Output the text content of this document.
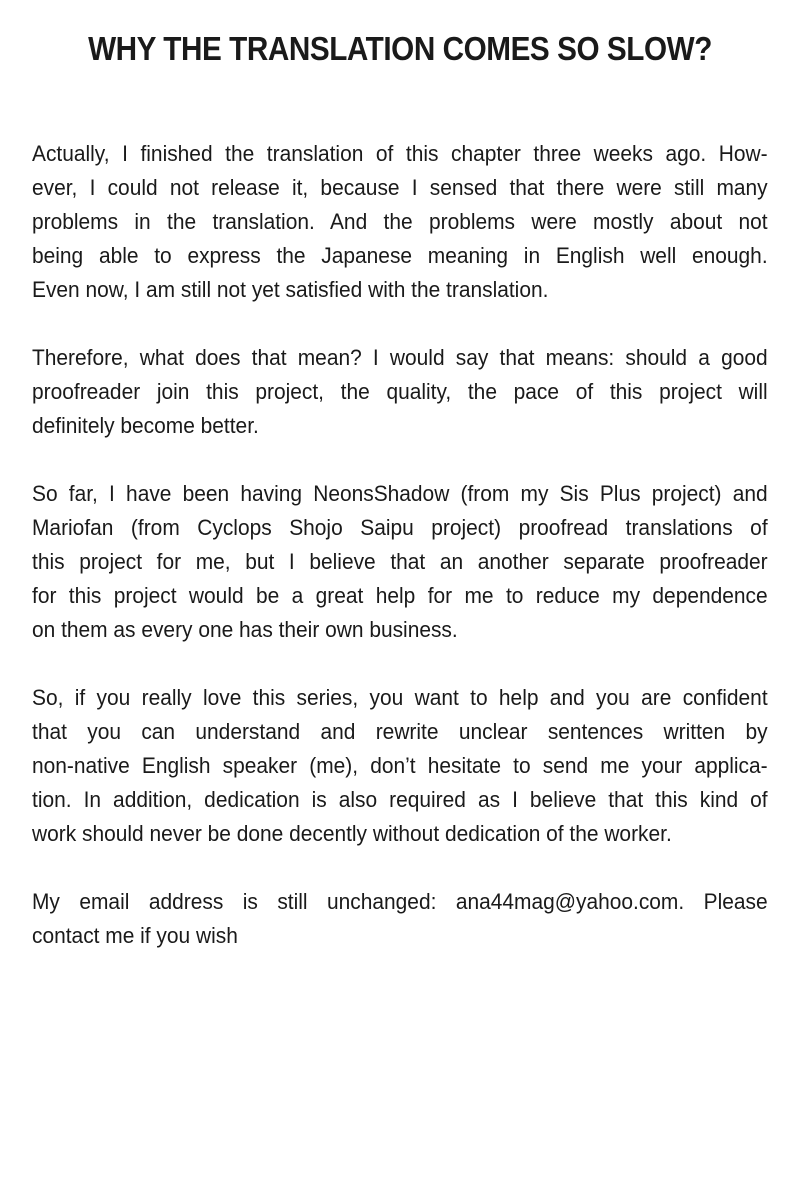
WHY THE TRANSLATION COMES SO SLOW?

Actually, I finished the translation of this chapter three weeks ago. How-
ever, I could not release it, because I sensed that there were still many
problems in the translation. And the problems were mostly about not
being able to express the Japanese meaning in English well enough.
Even now, I am still not yet satisfied with the translation.

Therefore, what does that mean? I would say that means: should a good
proofreader join this project, the quality, the pace of this project will
definitely become better.

So far, I have been having NeonsShadow (from my Sis Plus project) and
Mariofan (from Cyclops Shojo Saipu project) proofread translations of
this project for me, but I believe that an another separate proofreader
for this project would be a great help for me to reduce my dependence
on them as every one has their own business.

So, if you really love this series, you want to help and you are confident
that you can understand and rewrite unclear sentences written by
non-native English speaker (me), don’t hesitate to send me your applica-
tion. In addition, dedication is also required as I believe that this kind of
work should never be done decently without dedication of the worker.

My email address is still unchanged: ana44mag@yahoo.com. Please
contact me if you wish
